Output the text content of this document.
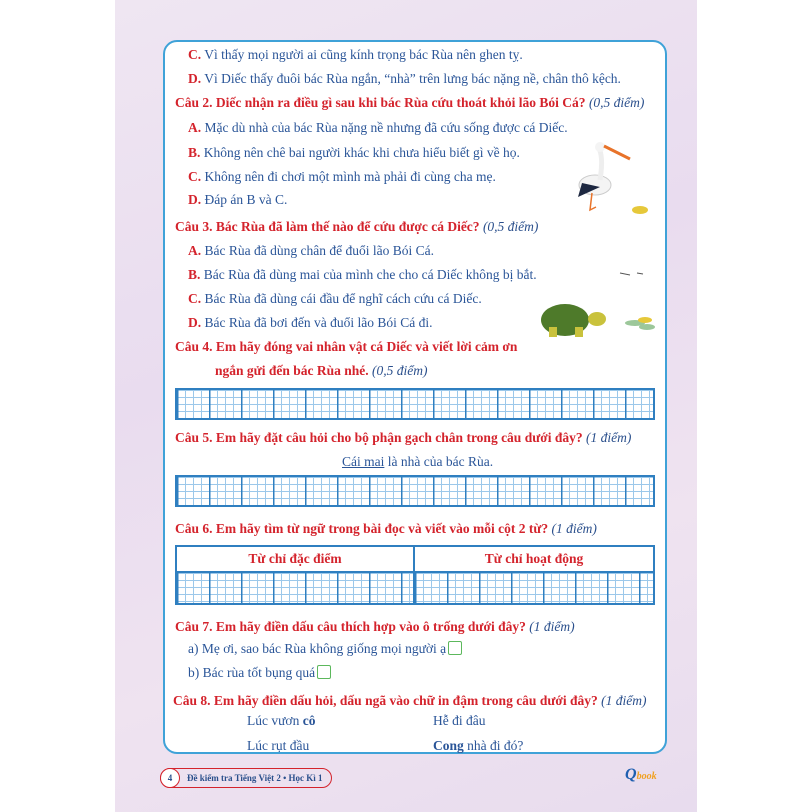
C. Vì thấy mọi người ai cũng kính trọng bác Rùa nên ghen tỵ.
D. Vì Diếc thấy đuôi bác Rùa ngắn, “nhà” trên lưng bác nặng nề, chân thô kệch.
Câu 2. Diếc nhận ra điều gì sau khi bác Rùa cứu thoát khỏi lão Bói Cá? (0,5 điểm)
A. Mặc dù nhà của bác Rùa nặng nề nhưng đã cứu sống được cá Diếc.
B. Không nên chê bai người khác khi chưa hiểu biết gì về họ.
C. Không nên đi chơi một mình mà phải đi cùng cha mẹ.
D. Đáp án B và C.
Câu 3. Bác Rùa đã làm thế nào để cứu được cá Diếc? (0,5 điểm)
A. Bác Rùa đã dùng chân để đuổi lão Bói Cá.
B. Bác Rùa đã dùng mai của mình che cho cá Diếc không bị bắt.
C. Bác Rùa đã dùng cái đầu để nghĩ cách cứu cá Diếc.
D. Bác Rùa đã bơi đến và đuổi lão Bói Cá đi.
Câu 4. Em hãy đóng vai nhân vật cá Diếc và viết lời cảm ơn
ngắn gửi đến bác Rùa nhé. (0,5 điểm)
Câu 5. Em hãy đặt câu hỏi cho bộ phận gạch chân trong câu dưới đây? (1 điểm)
Cái mai là nhà của bác Rùa.
Câu 6. Em hãy tìm từ ngữ trong bài đọc và viết vào mỗi cột 2 từ? (1 điểm)
Từ chỉ đặc điểm	Từ chỉ hoạt động
Câu 7. Em hãy điền dấu câu thích hợp vào ô trống dưới đây? (1 điểm)
a) Mẹ ơi, sao bác Rùa không giống mọi người ạ
b) Bác rùa tốt bụng quá
Câu 8. Em hãy điền dấu hỏi, dấu ngã vào chữ in đậm trong câu dưới đây? (1 điểm)
Lúc vươn cô	Hễ đi đâu
Lúc rụt đầu	Cong nhà đi đó?
4	Đề kiểm tra Tiếng Việt 2 • Học Kì 1	Qbook
